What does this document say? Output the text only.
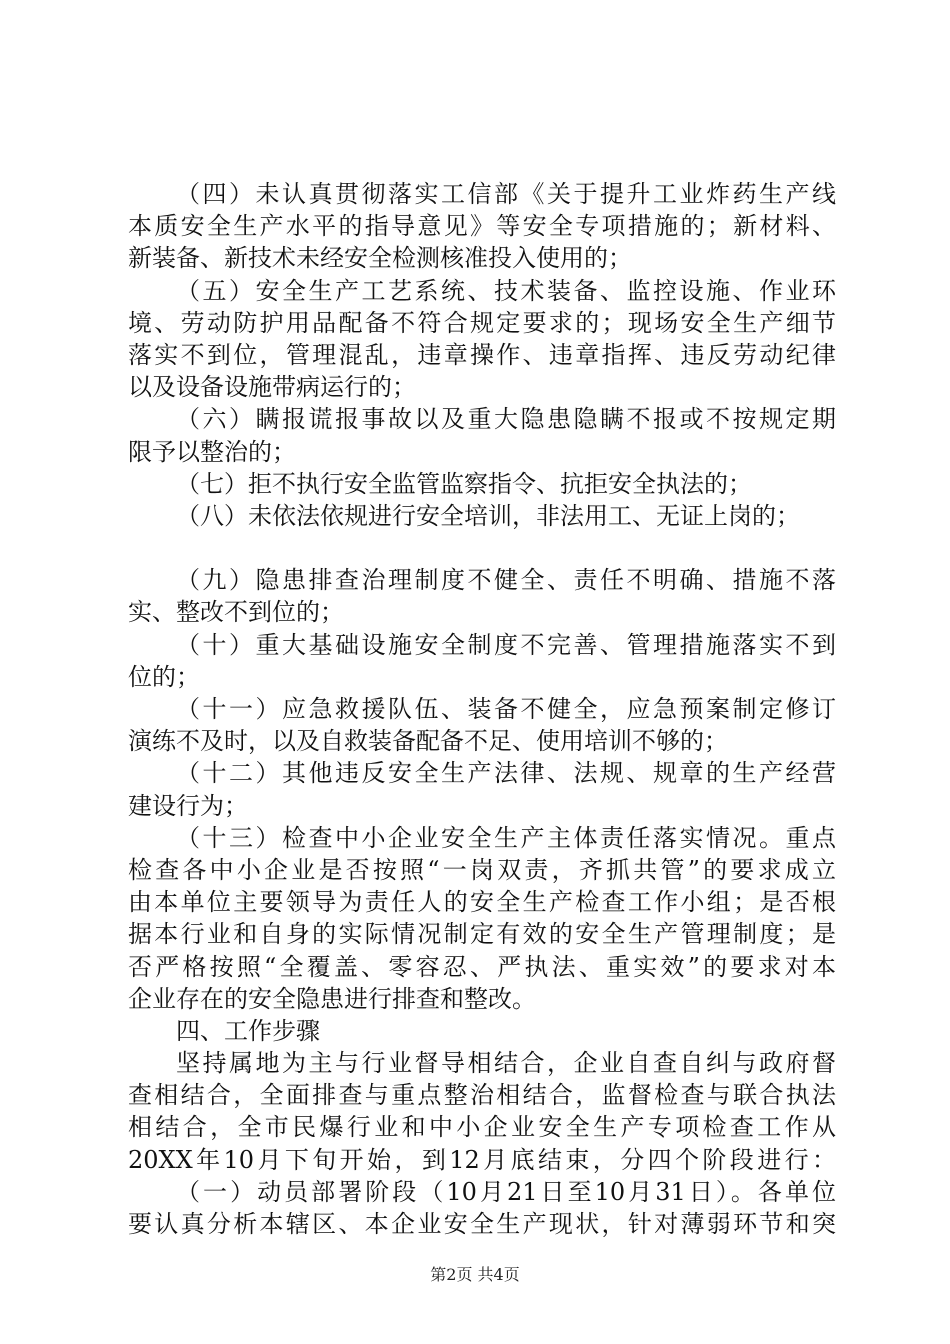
（四）未认真贯彻落实工信部《关于提升工业炸药生产线
本质安全生产水平的指导意见》等安全专项措施的；新材料、
新装备、新技术未经安全检测核准投入使用的；
（五）安全生产工艺系统、技术装备、监控设施、作业环
境、劳动防护用品配备不符合规定要求的；现场安全生产细节
落实不到位，管理混乱，违章操作、违章指挥、违反劳动纪律
以及设备设施带病运行的；
（六）瞒报谎报事故以及重大隐患隐瞒不报或不按规定期
限予以整治的；
（七）拒不执行安全监管监察指令、抗拒安全执法的；
（八）未依法依规进行安全培训，非法用工、无证上岗的；
（九）隐患排查治理制度不健全、责任不明确、措施不落
实、整改不到位的；
（十）重大基础设施安全制度不完善、管理措施落实不到
位的；
（十一）应急救援队伍、装备不健全，应急预案制定修订
演练不及时，以及自救装备配备不足、使用培训不够的；
（十二）其他违反安全生产法律、法规、规章的生产经营
建设行为；
（十三）检查中小企业安全生产主体责任落实情况。重点
检查各中小企业是否按照“一岗双责，齐抓共管”的要求成立
由本单位主要领导为责任人的安全生产检查工作小组；是否根
据本行业和自身的实际情况制定有效的安全生产管理制度；是
否严格按照“全覆盖、零容忍、严执法、重实效”的要求对本
企业存在的安全隐患进行排查和整改。
四、工作步骤
坚持属地为主与行业督导相结合，企业自查自纠与政府督
查相结合，全面排查与重点整治相结合，监督检查与联合执法
相结合，全市民爆行业和中小企业安全生产专项检查工作从
20XX年10月下旬开始，到12月底结束，分四个阶段进行：
（一）动员部署阶段（10月21日至10月31日）。各单位
要认真分析本辖区、本企业安全生产现状，针对薄弱环节和突
第2页 共4页
